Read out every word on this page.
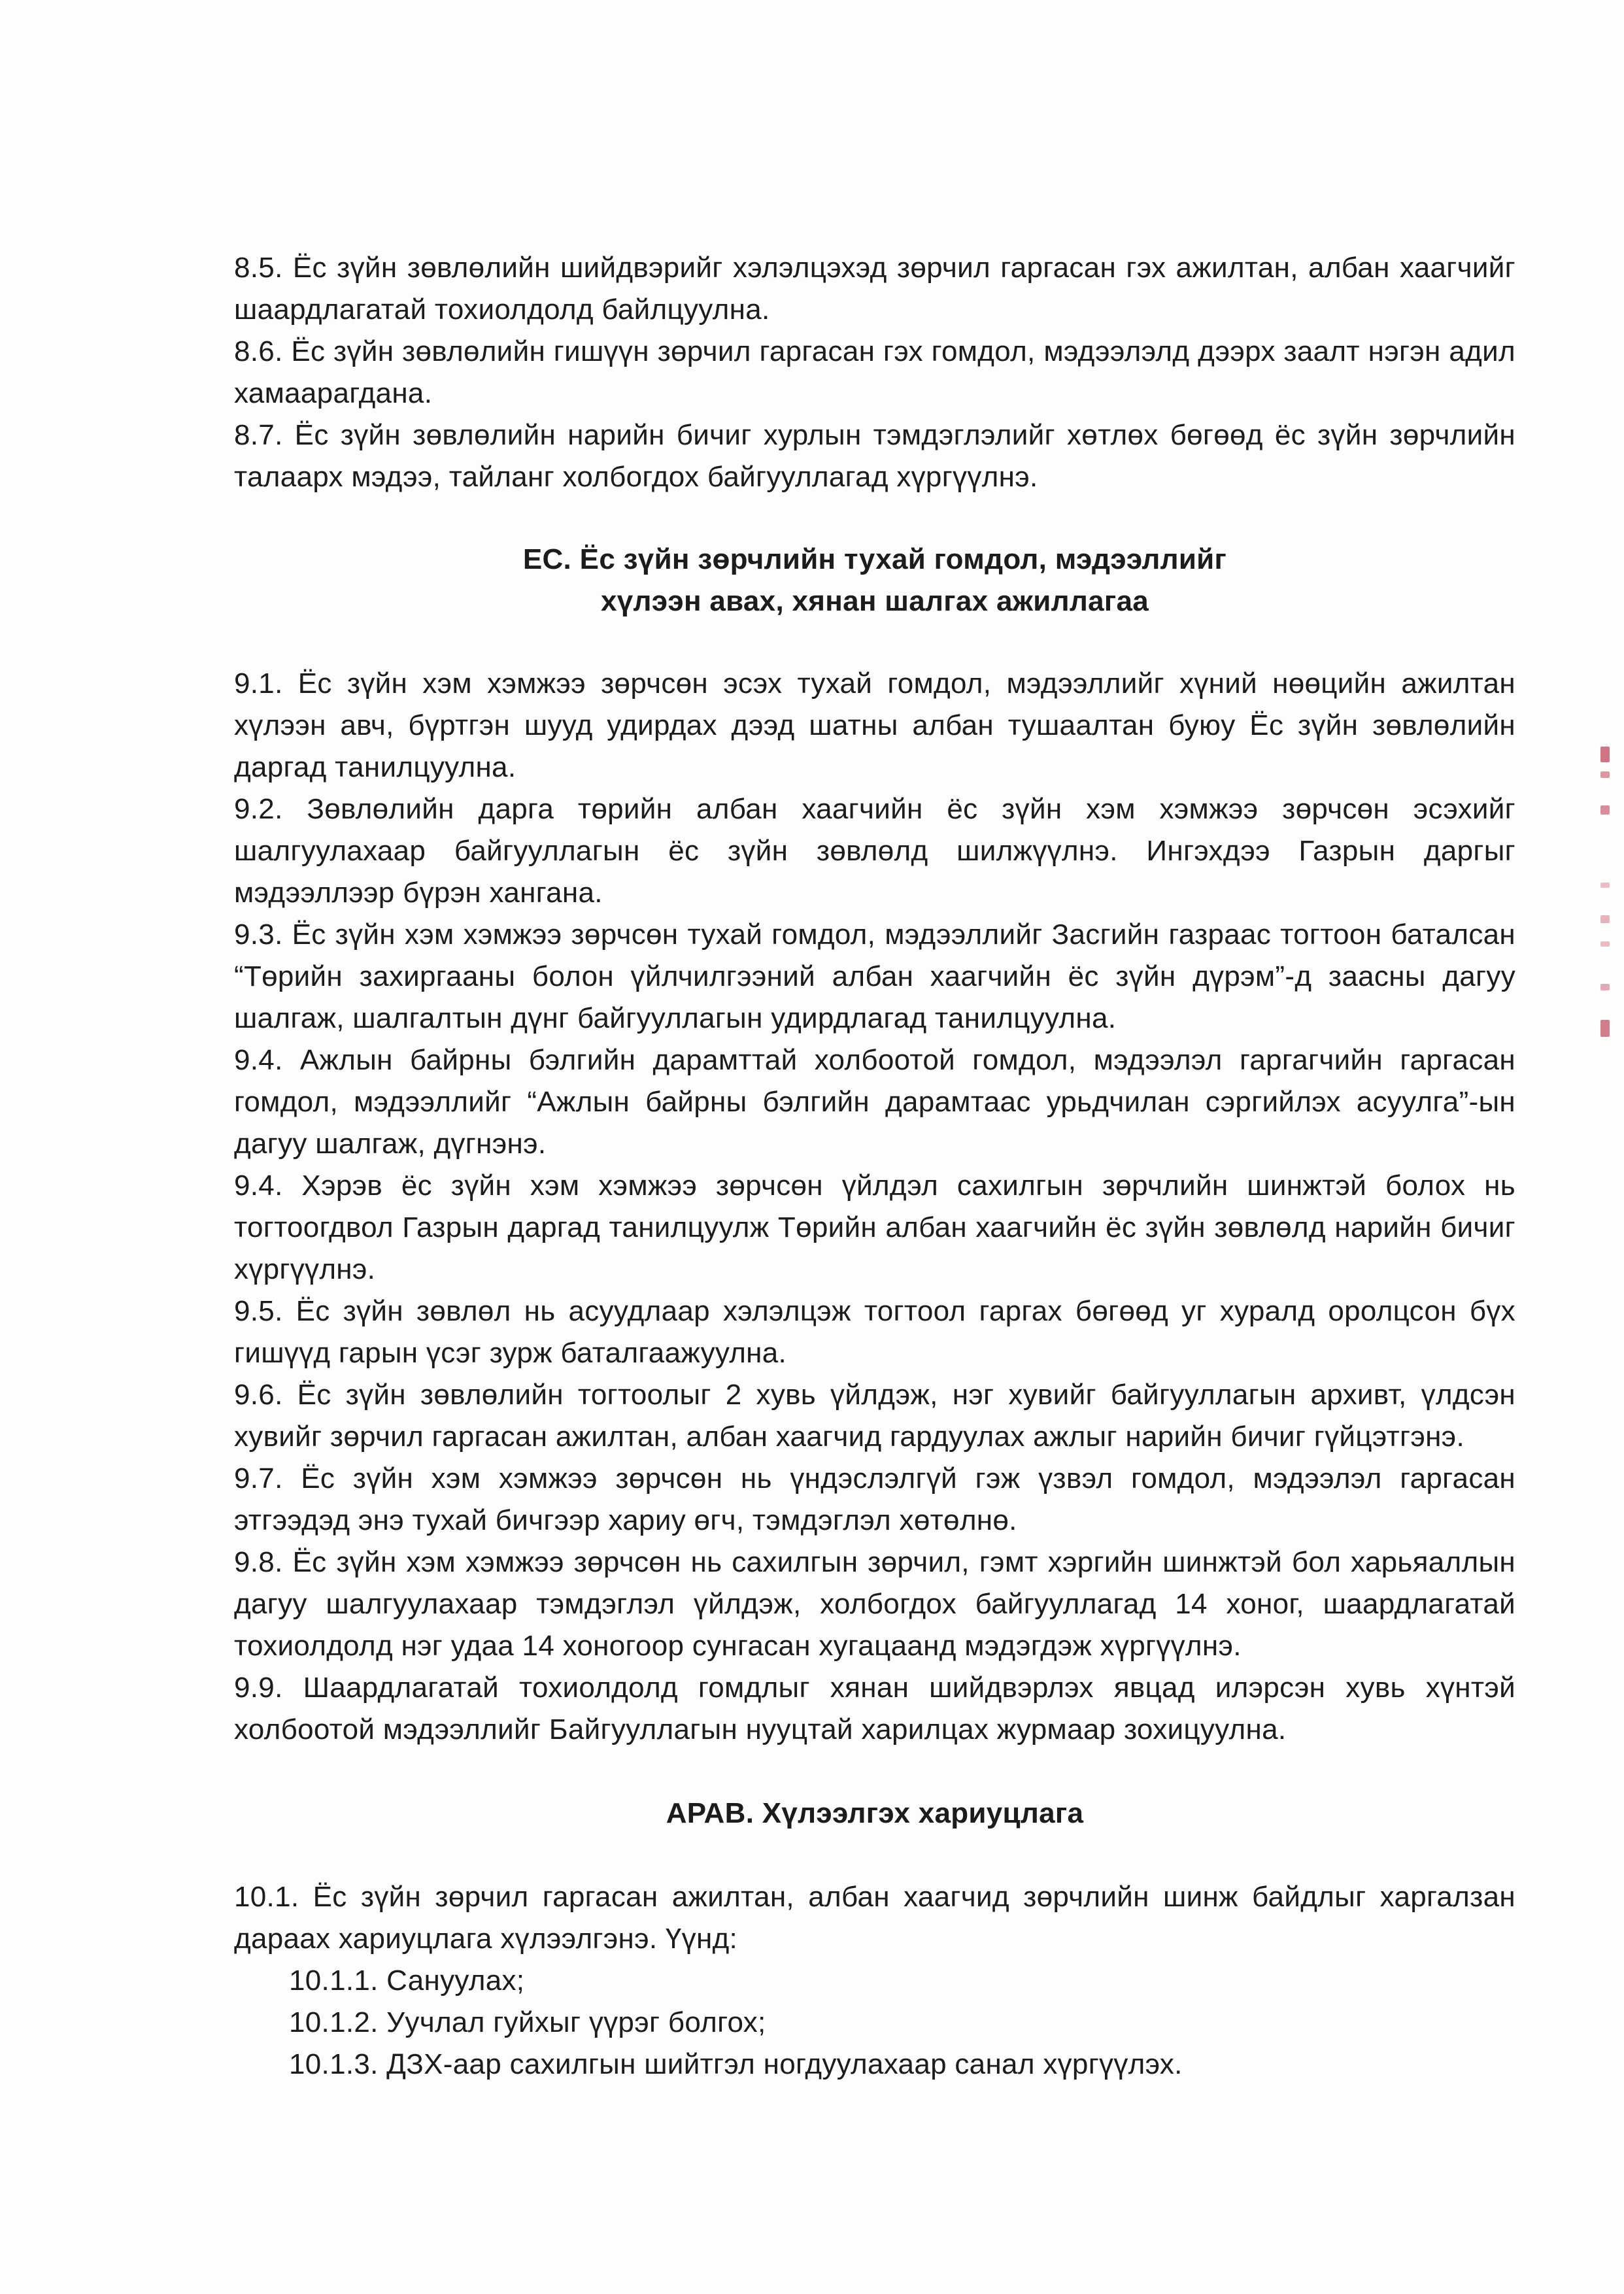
8.5. Ёс зүйн зөвлөлийн шийдвэрийг хэлэлцэхэд зөрчил гаргасан гэх ажилтан, албан хаагчийг шаардлагатай тохиолдолд байлцуулна.

8.6. Ёс зүйн зөвлөлийн гишүүн зөрчил гаргасан гэх гомдол, мэдээлэлд дээрх заалт нэгэн адил хамаарагдана.

8.7. Ёс зүйн зөвлөлийн нарийн бичиг хурлын тэмдэглэлийг хөтлөх бөгөөд ёс зүйн зөрчлийн талаарх мэдээ, тайланг холбогдох байгууллагад хүргүүлнэ.

ЕС. Ёс зүйн зөрчлийн тухай гомдол, мэдээллийг
хүлээн авах, хянан шалгах ажиллагаа

9.1. Ёс зүйн хэм хэмжээ зөрчсөн эсэх тухай гомдол, мэдээллийг хүний нөөцийн ажилтан хүлээн авч, бүртгэн шууд удирдах дээд шатны албан тушаалтан буюу Ёс зүйн зөвлөлийн даргад танилцуулна.

9.2. Зөвлөлийн дарга төрийн албан хаагчийн ёс зүйн хэм хэмжээ зөрчсөн эсэхийг шалгуулахаар байгууллагын ёс зүйн зөвлөлд шилжүүлнэ. Ингэхдээ Газрын даргыг мэдээллээр бүрэн хангана.

9.3. Ёс зүйн хэм хэмжээ зөрчсөн тухай гомдол, мэдээллийг Засгийн газраас тогтоон баталсан “Төрийн захиргааны болон үйлчилгээний албан хаагчийн ёс зүйн дүрэм”-д заасны дагуу шалгаж, шалгалтын дүнг байгууллагын удирдлагад танилцуулна.

9.4. Ажлын байрны бэлгийн дарамттай холбоотой гомдол, мэдээлэл гаргагчийн гаргасан гомдол, мэдээллийг “Ажлын байрны бэлгийн дарамтаас урьдчилан сэргийлэх асуулга”-ын дагуу шалгаж, дүгнэнэ.

9.4. Хэрэв ёс зүйн хэм хэмжээ зөрчсөн үйлдэл сахилгын зөрчлийн шинжтэй болох нь тогтоогдвол Газрын даргад танилцуулж Төрийн албан хаагчийн ёс зүйн зөвлөлд нарийн бичиг хүргүүлнэ.

9.5. Ёс зүйн зөвлөл нь асуудлаар хэлэлцэж тогтоол гаргах бөгөөд уг хуралд оролцсон бүх гишүүд гарын үсэг зурж баталгаажуулна.

9.6. Ёс зүйн зөвлөлийн тогтоолыг 2 хувь үйлдэж, нэг хувийг байгууллагын архивт, үлдсэн хувийг зөрчил гаргасан ажилтан, албан хаагчид гардуулах ажлыг нарийн бичиг гүйцэтгэнэ.

9.7. Ёс зүйн хэм хэмжээ зөрчсөн нь үндэслэлгүй гэж үзвэл гомдол, мэдээлэл гаргасан этгээдэд энэ тухай бичгээр хариу өгч, тэмдэглэл хөтөлнө.

9.8. Ёс зүйн хэм хэмжээ зөрчсөн нь сахилгын зөрчил, гэмт хэргийн шинжтэй бол харьяаллын дагуу шалгуулахаар тэмдэглэл үйлдэж, холбогдох байгууллагад 14 хоног, шаардлагатай тохиолдолд нэг удаа 14 хоногоор сунгасан хугацаанд мэдэгдэж хүргүүлнэ.

9.9. Шаардлагатай тохиолдолд гомдлыг хянан шийдвэрлэх явцад илэрсэн хувь хүнтэй холбоотой мэдээллийг Байгууллагын нууцтай харилцах журмаар зохицуулна.

АРАВ. Хүлээлгэх хариуцлага

10.1. Ёс зүйн зөрчил гаргасан ажилтан, албан хаагчид зөрчлийн шинж байдлыг харгалзан дараах хариуцлага хүлээлгэнэ. Үүнд:

10.1.1. Сануулах;

10.1.2. Уучлал гуйхыг үүрэг болгох;

10.1.3. ДЗХ-аар сахилгын шийтгэл ногдуулахаар санал хүргүүлэх.
